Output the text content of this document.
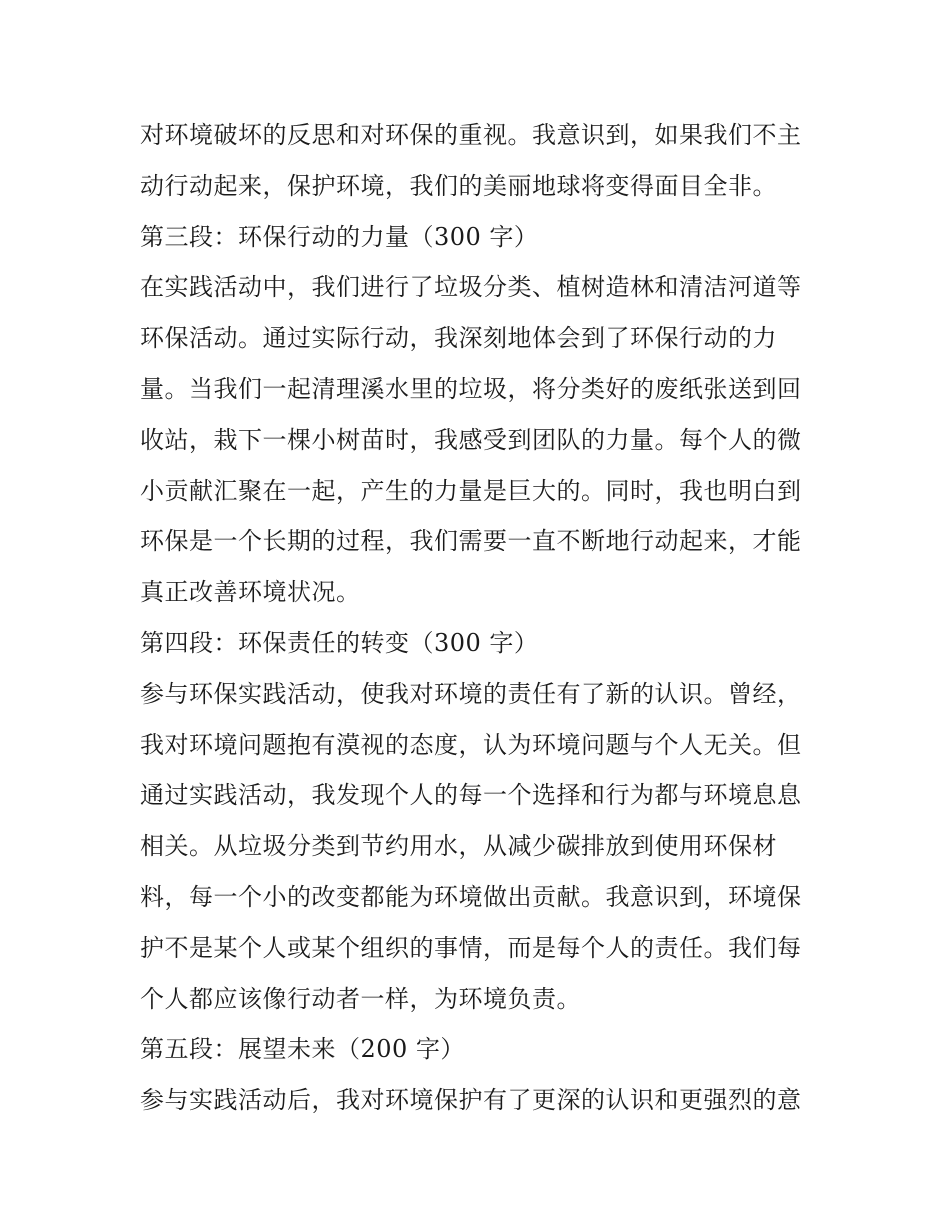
对环境破坏的反思和对环保的重视。我意识到，如果我们不主
动行动起来，保护环境，我们的美丽地球将变得面目全非。
第三段：环保行动的力量（300 字）
在实践活动中，我们进行了垃圾分类、植树造林和清洁河道等
环保活动。通过实际行动，我深刻地体会到了环保行动的力
量。当我们一起清理溪水里的垃圾，将分类好的废纸张送到回
收站，栽下一棵小树苗时，我感受到团队的力量。每个人的微
小贡献汇聚在一起，产生的力量是巨大的。同时，我也明白到
环保是一个长期的过程，我们需要一直不断地行动起来，才能
真正改善环境状况。
第四段：环保责任的转变（300 字）
参与环保实践活动，使我对环境的责任有了新的认识。曾经，
我对环境问题抱有漠视的态度，认为环境问题与个人无关。但
通过实践活动，我发现个人的每一个选择和行为都与环境息息
相关。从垃圾分类到节约用水，从减少碳排放到使用环保材
料，每一个小的改变都能为环境做出贡献。我意识到，环境保
护不是某个人或某个组织的事情，而是每个人的责任。我们每
个人都应该像行动者一样，为环境负责。
第五段：展望未来（200 字）
参与实践活动后，我对环境保护有了更深的认识和更强烈的意
